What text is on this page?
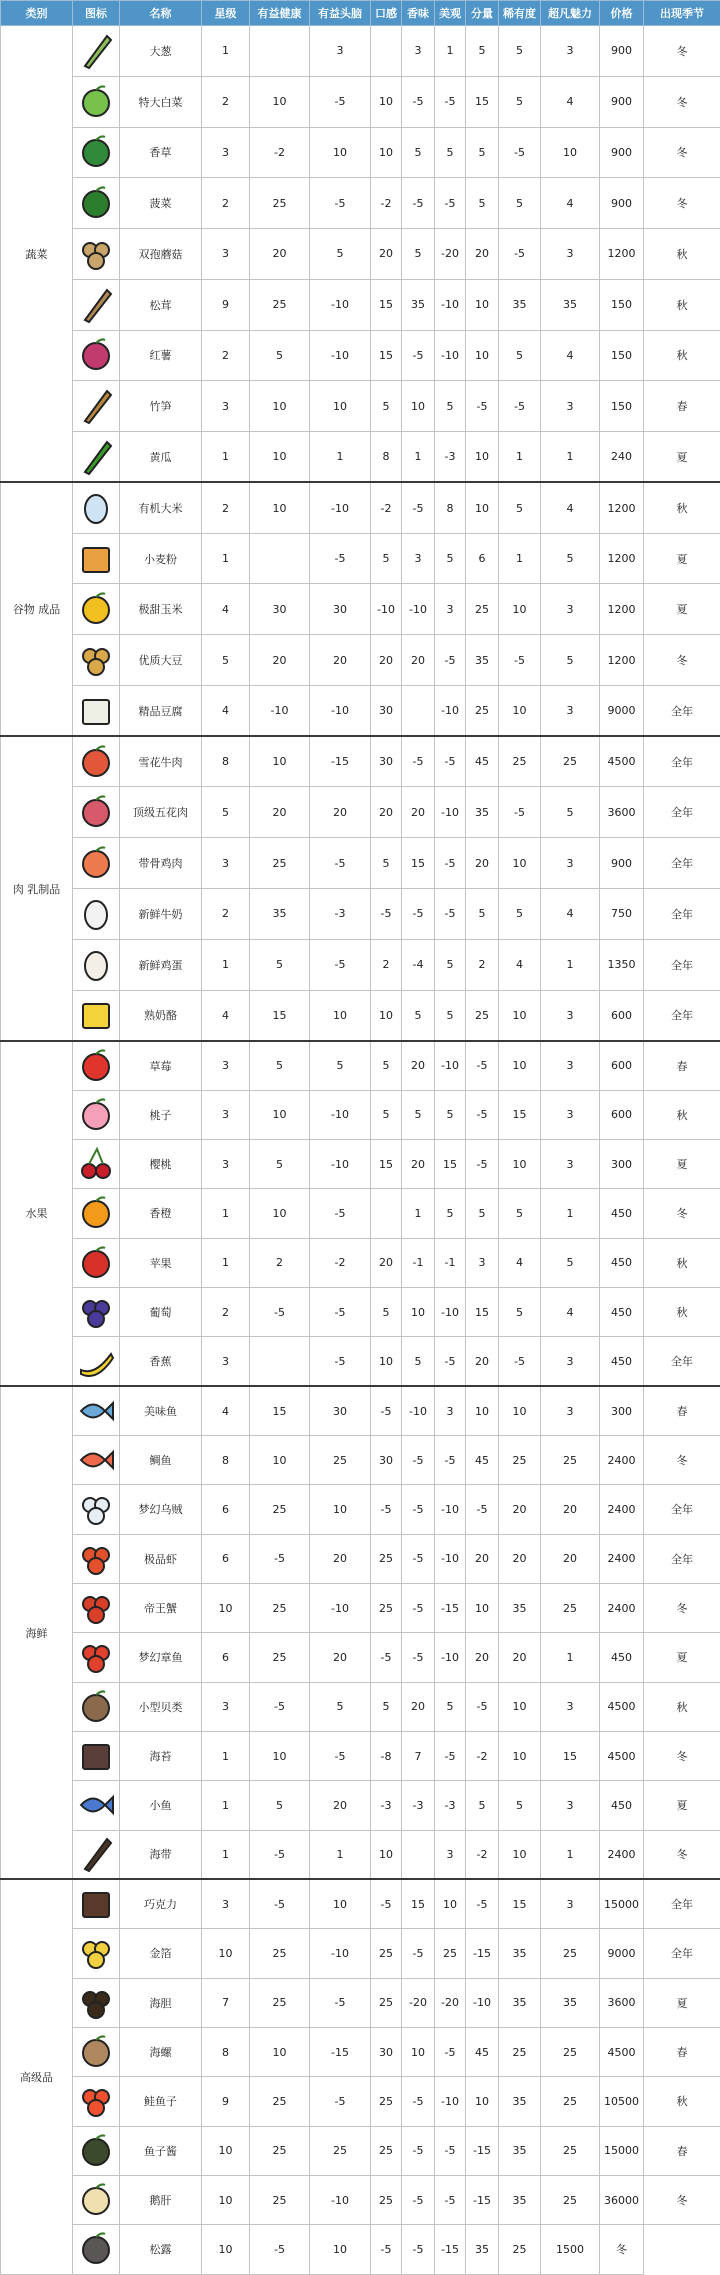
类别	图标	名称	星级	有益健康	有益头脑	口感	香味	美观	分量	稀有度	超凡魅力	价格	出现季节
蔬菜		大葱	1		3		3	1	5	5	3	900	冬

	特大白菜	2	10	-5	10	-5	-5	15	5	4	900	冬

	香草	3	-2	10	10	5	5	5	-5	10	900	冬

	菠菜	2	25	-5	-2	-5	-5	5	5	4	900	冬

	双孢蘑菇	3	20	5	20	5	-20	20	-5	3	1200	秋

	松茸	9	25	-10	15	35	-10	10	35	35	150	秋

	红薯	2	5	-10	15	-5	-10	10	5	4	150	秋

	竹笋	3	10	10	5	10	5	-5	-5	3	150	春

	黄瓜	1	10	1	8	1	-3	10	1	1	240	夏
谷物 成品		有机大米	2	10	-10	-2	-5	8	10	5	4	1200	秋

	小麦粉	1		-5	5	3	5	6	1	5	1200	夏

	极甜玉米	4	30	30	-10	-10	3	25	10	3	1200	夏

	优质大豆	5	20	20	20	20	-5	35	-5	5	1200	冬

	精品豆腐	4	-10	-10	30		-10	25	10	3	9000	全年
肉 乳制品		雪花牛肉	8	10	-15	30	-5	-5	45	25	25	4500	全年

	顶级五花肉	5	20	20	20	20	-10	35	-5	5	3600	全年

	带骨鸡肉	3	25	-5	5	15	-5	20	10	3	900	全年

	新鲜牛奶	2	35	-3	-5	-5	-5	5	5	4	750	全年

	新鲜鸡蛋	1	5	-5	2	-4	5	2	4	1	1350	全年

	熟奶酪	4	15	10	10	5	5	25	10	3	600	全年
水果		草莓	3	5	5	5	20	-10	-5	10	3	600	春

	桃子	3	10	-10	5	5	5	-5	15	3	600	秋

	樱桃	3	5	-10	15	20	15	-5	10	3	300	夏

	香橙	1	10	-5		1	5	5	5	1	450	冬

	苹果	1	2	-2	20	-1	-1	3	4	5	450	秋

	葡萄	2	-5	-5	5	10	-10	15	5	4	450	秋

	香蕉	3		-5	10	5	-5	20	-5	3	450	全年
海鲜		美味鱼	4	15	30	-5	-10	3	10	10	3	300	春

	鲷鱼	8	10	25	30	-5	-5	45	25	25	2400	冬

	梦幻乌贼	6	25	10	-5	-5	-10	-5	20	20	2400	全年

	极品虾	6	-5	20	25	-5	-10	20	20	20	2400	全年

	帝王蟹	10	25	-10	25	-5	-15	10	35	25	2400	冬

	梦幻章鱼	6	25	20	-5	-5	-10	20	20	1	450	夏

	小型贝类	3	-5	5	5	20	5	-5	10	3	4500	秋

	海苔	1	10	-5	-8	7	-5	-2	10	15	4500	冬

	小鱼	1	5	20	-3	-3	-3	5	5	3	450	夏

	海带	1	-5	1	10		3	-2	10	1	2400	冬
高级品		巧克力	3	-5	10	-5	15	10	-5	15	3	15000	全年

	金箔	10	25	-10	25	-5	25	-15	35	25	9000	全年

	海胆	7	25	-5	25	-20	-20	-10	35	35	3600	夏

	海螺	8	10	-15	30	10	-5	45	25	25	4500	春

	鲑鱼子	9	25	-5	25	-5	-10	10	35	25	10500	秋

	鱼子酱	10	25	25	25	-5	-5	-15	35	25	15000	春

	鹅肝	10	25	-10	25	-5	-5	-15	35	25	36000	冬

	松露	10	-5	10	-5	-5	-15	35	25	1500	冬	
